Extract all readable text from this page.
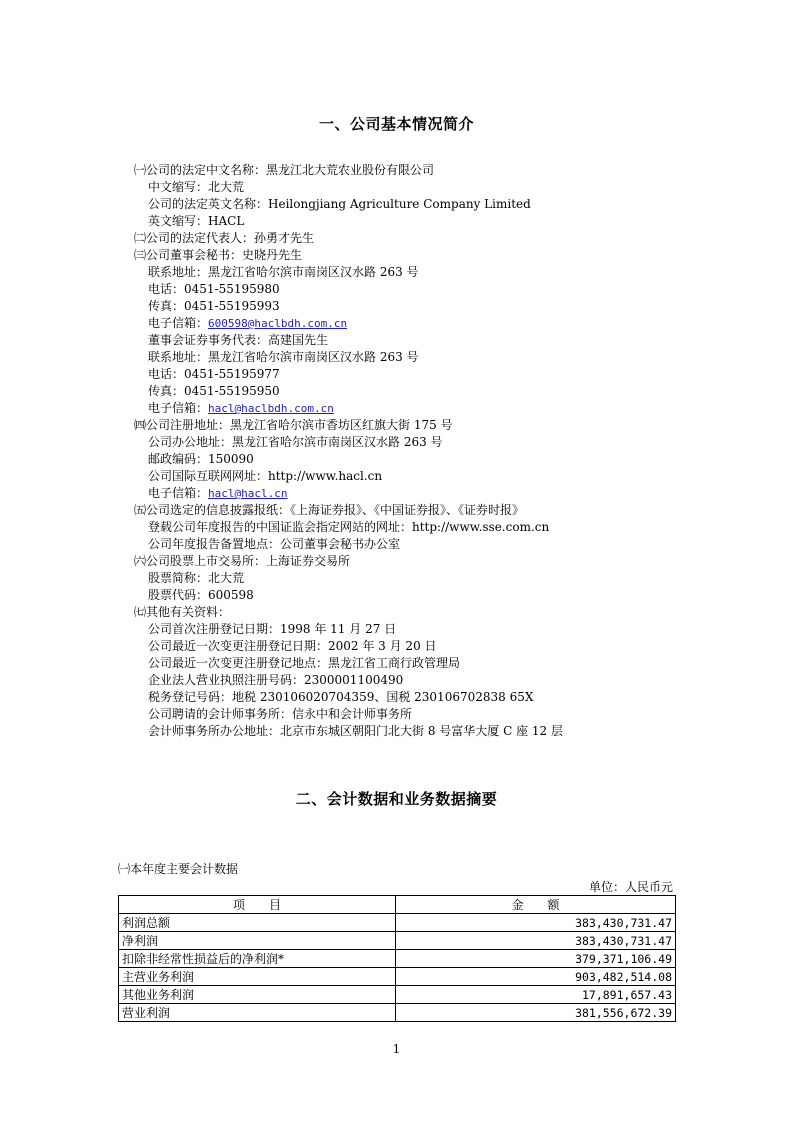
一、公司基本情况简介
㈠公司的法定中文名称：黑龙江北大荒农业股份有限公司
中文缩写：北大荒
公司的法定英文名称：Heilongjiang Agriculture Company Limited
英文缩写：HACL
㈡公司的法定代表人：孙勇才先生
㈢公司董事会秘书：史晓丹先生
联系地址：黑龙江省哈尔滨市南岗区汉水路 263 号
电话：0451-55195980
传真：0451-55195993
电子信箱：600598@haclbdh.com.cn
董事会证券事务代表：高建国先生
联系地址：黑龙江省哈尔滨市南岗区汉水路 263 号
电话：0451-55195977
传真：0451-55195950
电子信箱：hacl@haclbdh.com.cn
㈣公司注册地址：黑龙江省哈尔滨市香坊区红旗大街 175 号
公司办公地址：黑龙江省哈尔滨市南岗区汉水路 263 号
邮政编码：150090
公司国际互联网网址：http://www.hacl.cn
电子信箱：hacl@hacl.cn
㈤公司选定的信息披露报纸：《上海证券报》、《中国证券报》、《证券时报》
登载公司年度报告的中国证监会指定网站的网址：http://www.sse.com.cn
公司年度报告备置地点：公司董事会秘书办公室
㈥公司股票上市交易所：上海证券交易所
股票简称：北大荒
股票代码：600598
㈦其他有关资料：
公司首次注册登记日期：1998 年 11 月 27 日
公司最近一次变更注册登记日期：2002 年 3 月 20 日
公司最近一次变更注册登记地点：黑龙江省工商行政管理局
企业法人营业执照注册号码：2300001100490
税务登记号码：地税 230106020704359、国税 230106702838 65X
公司聘请的会计师事务所：信永中和会计师事务所
会计师事务所办公地址：北京市东城区朝阳门北大街 8 号富华大厦 C 座 12 层
二、会计数据和业务数据摘要
㈠本年度主要会计数据
单位：人民币元
项　　目	金　　额
利润总额	383,430,731.47
净利润	383,430,731.47
扣除非经常性损益后的净利润*	379,371,106.49
主营业务利润	903,482,514.08
其他业务利润	17,891,657.43
营业利润	381,556,672.39
1
